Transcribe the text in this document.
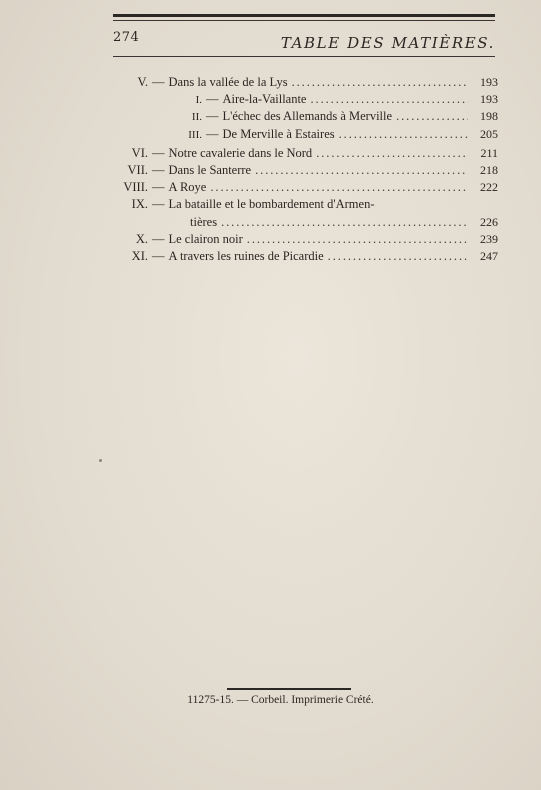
274	TABLE DES MATIÈRES.
V. — Dans la vallée de la Lys . . .	193
I. — Aire-la-Vaillante . . .	193
II. — L'échec des Allemands à Merville . . .	198
III. — De Merville à Estaires . . .	205
VI. — Notre cavalerie dans le Nord . . .	211
VII. — Dans le Santerre . . .	218
VIII. — A Roye . . .	222
IX. — La bataille et le bombardement d'Armen-
tières . . .	226
X. — Le clairon noir . . .	239
XI. — A travers les ruines de Picardie . . .	247
11275-15. — Corbeil. Imprimerie Crété.
